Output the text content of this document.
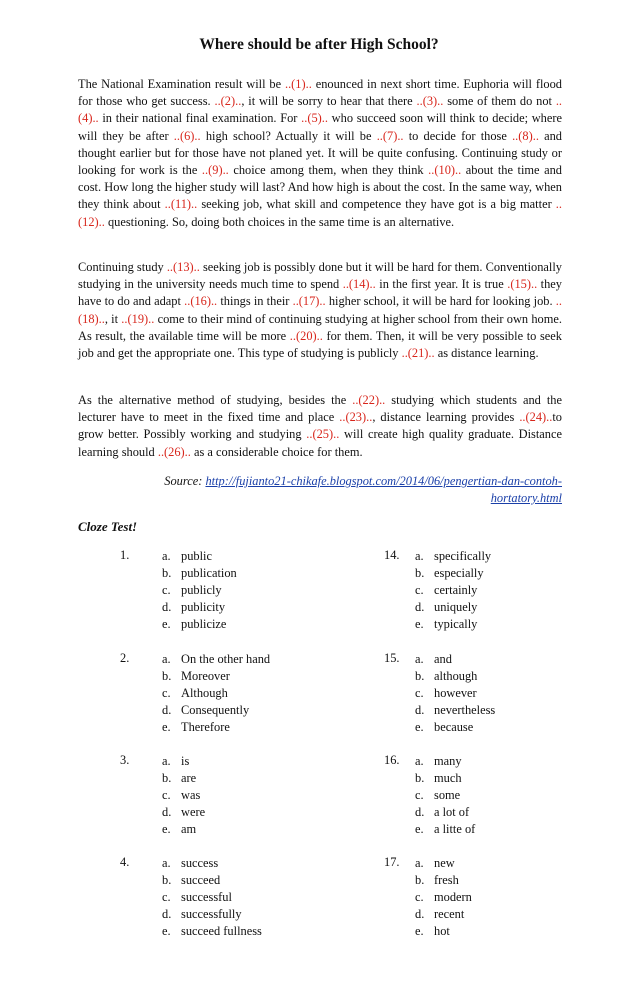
Where should be after High School?
The National Examination result will be ..(1).. enounced in next short time. Euphoria will flood for those who get success. ..(2).., it will be sorry to hear that there ..(3).. some of them do not ..(4).. in their national final examination. For ..(5).. who succeed soon will think to decide; where will they be after ..(6).. high school? Actually it will be ..(7).. to decide for those ..(8).. and thought earlier but for those have not planed yet. It will be quite confusing. Continuing study or looking for work is the ..(9).. choice among them, when they think ..(10).. about the time and cost. How long the higher study will last? And how high is about the cost. In the same way, when they think about ..(11).. seeking job, what skill and competence they have got is a big matter ..(12).. questioning. So, doing both choices in the same time is an alternative.
Continuing study ..(13).. seeking job is possibly done but it will be hard for them. Conventionally studying in the university needs much time to spend ..(14).. in the first year. It is true .(15).. they have to do and adapt ..(16).. things in their ..(17).. higher school, it will be hard for looking job. ..(18).., it ..(19).. come to their mind of continuing studying at higher school from their own home. As result, the available time will be more ..(20).. for them. Then, it will be very possible to seek job and get the appropriate one. This type of studying is publicly ..(21).. as distance learning.
As the alternative method of studying, besides the ..(22).. studying which students and the lecturer have to meet in the fixed time and place ..(23).., distance learning provides ..(24)..to grow better. Possibly working and studying ..(25).. will create high quality graduate. Distance learning should ..(26).. as a considerable choice for them.
Source: http://fujianto21-chikafe.blogspot.com/2014/06/pengertian-dan-contoh-hortatory.html
Cloze Test!
1.	a. public
b. publication
c. publicly
d. publicity
e. publicize
2.	a. On the other hand
b. Moreover
c. Although
d. Consequently
e. Therefore
3.	a. is
b. are
c. was
d. were
e. am
4.	a. success
b. succeed
c. successful
d. successfully
e. succeed fullness
14. a. specifically
b. especially
c. certainly
d. uniquely
e. typically
15. a. and
b. although
c. however
d. nevertheless
e. because
16. a. many
b. much
c. some
d. a lot of
e. a litte of
17. a. new
b. fresh
c. modern
d. recent
e. hot
